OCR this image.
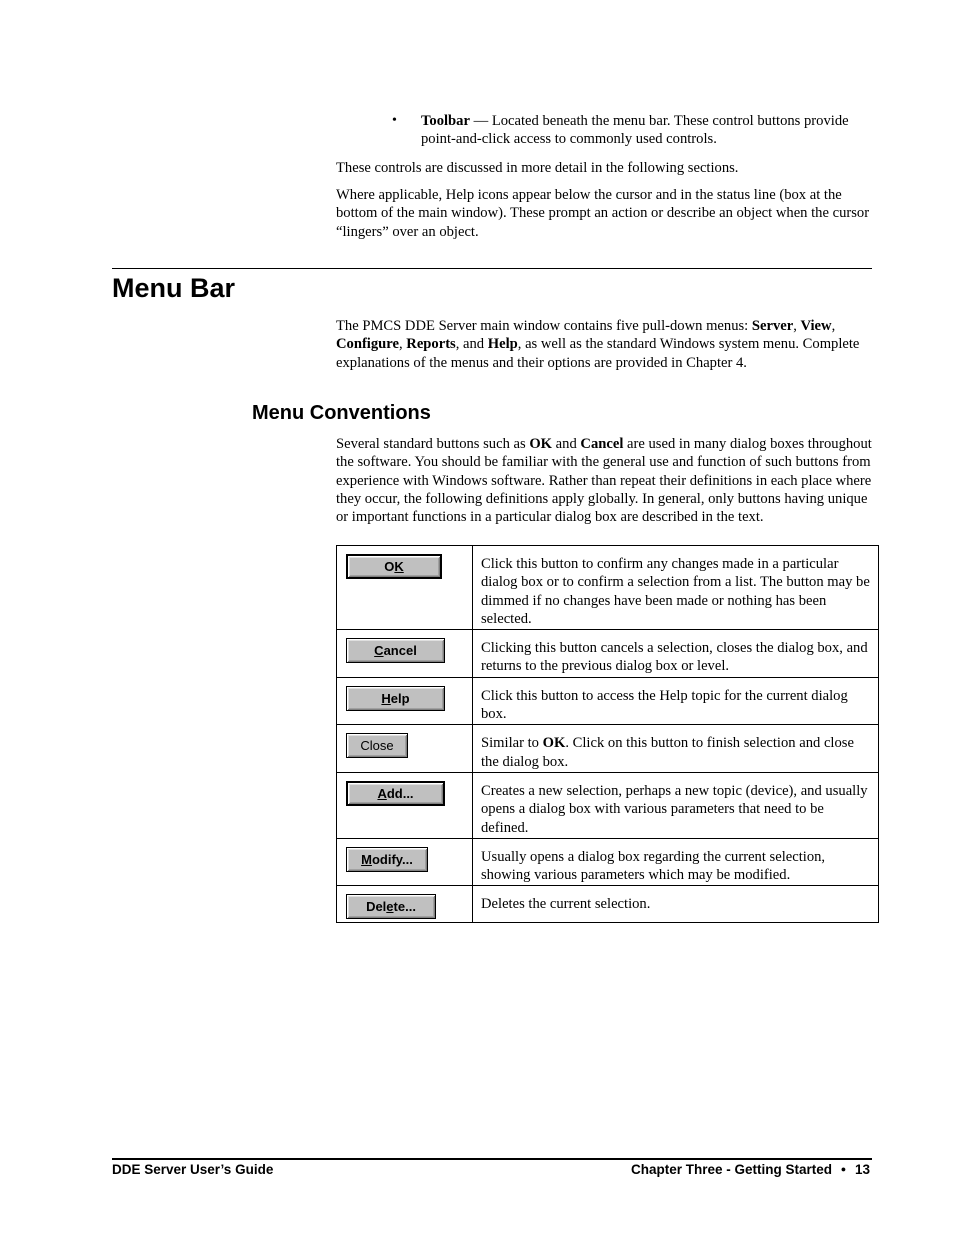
• Toolbar — Located beneath the menu bar. These control buttons provide point-and-click access to commonly used controls.

These controls are discussed in more detail in the following sections.

Where applicable, Help icons appear below the cursor and in the status line (box at the bottom of the main window). These prompt an action or describe an object when the cursor “lingers” over an object.

Menu Bar

The PMCS DDE Server main window contains five pull-down menus: Server, View, Configure, Reports, and Help, as well as the standard Windows system menu. Complete explanations of the menus and their options are provided in Chapter 4.

Menu Conventions

Several standard buttons such as OK and Cancel are used in many dialog boxes throughout the software. You should be familiar with the general use and function of such buttons from experience with Windows software. Rather than repeat their definitions in each place where they occur, the following definitions apply globally. In general, only buttons having unique or important functions in a particular dialog box are described in the text.

OK	Click this button to confirm any changes made in a particular dialog box or to confirm a selection from a list. The button may be dimmed if no changes have been made or nothing has been selected.
Cancel	Clicking this button cancels a selection, closes the dialog box, and returns to the previous dialog box or level.
Help	Click this button to access the Help topic for the current dialog box.
Close	Similar to OK. Click on this button to finish selection and close the dialog box.
Add...	Creates a new selection, perhaps a new topic (device), and usually opens a dialog box with various parameters that need to be defined.
Modify...	Usually opens a dialog box regarding the current selection, showing various parameters which may be modified.
Delete...	Deletes the current selection.
DDE Server User’s Guide	Chapter Three - Getting Started ● 13
